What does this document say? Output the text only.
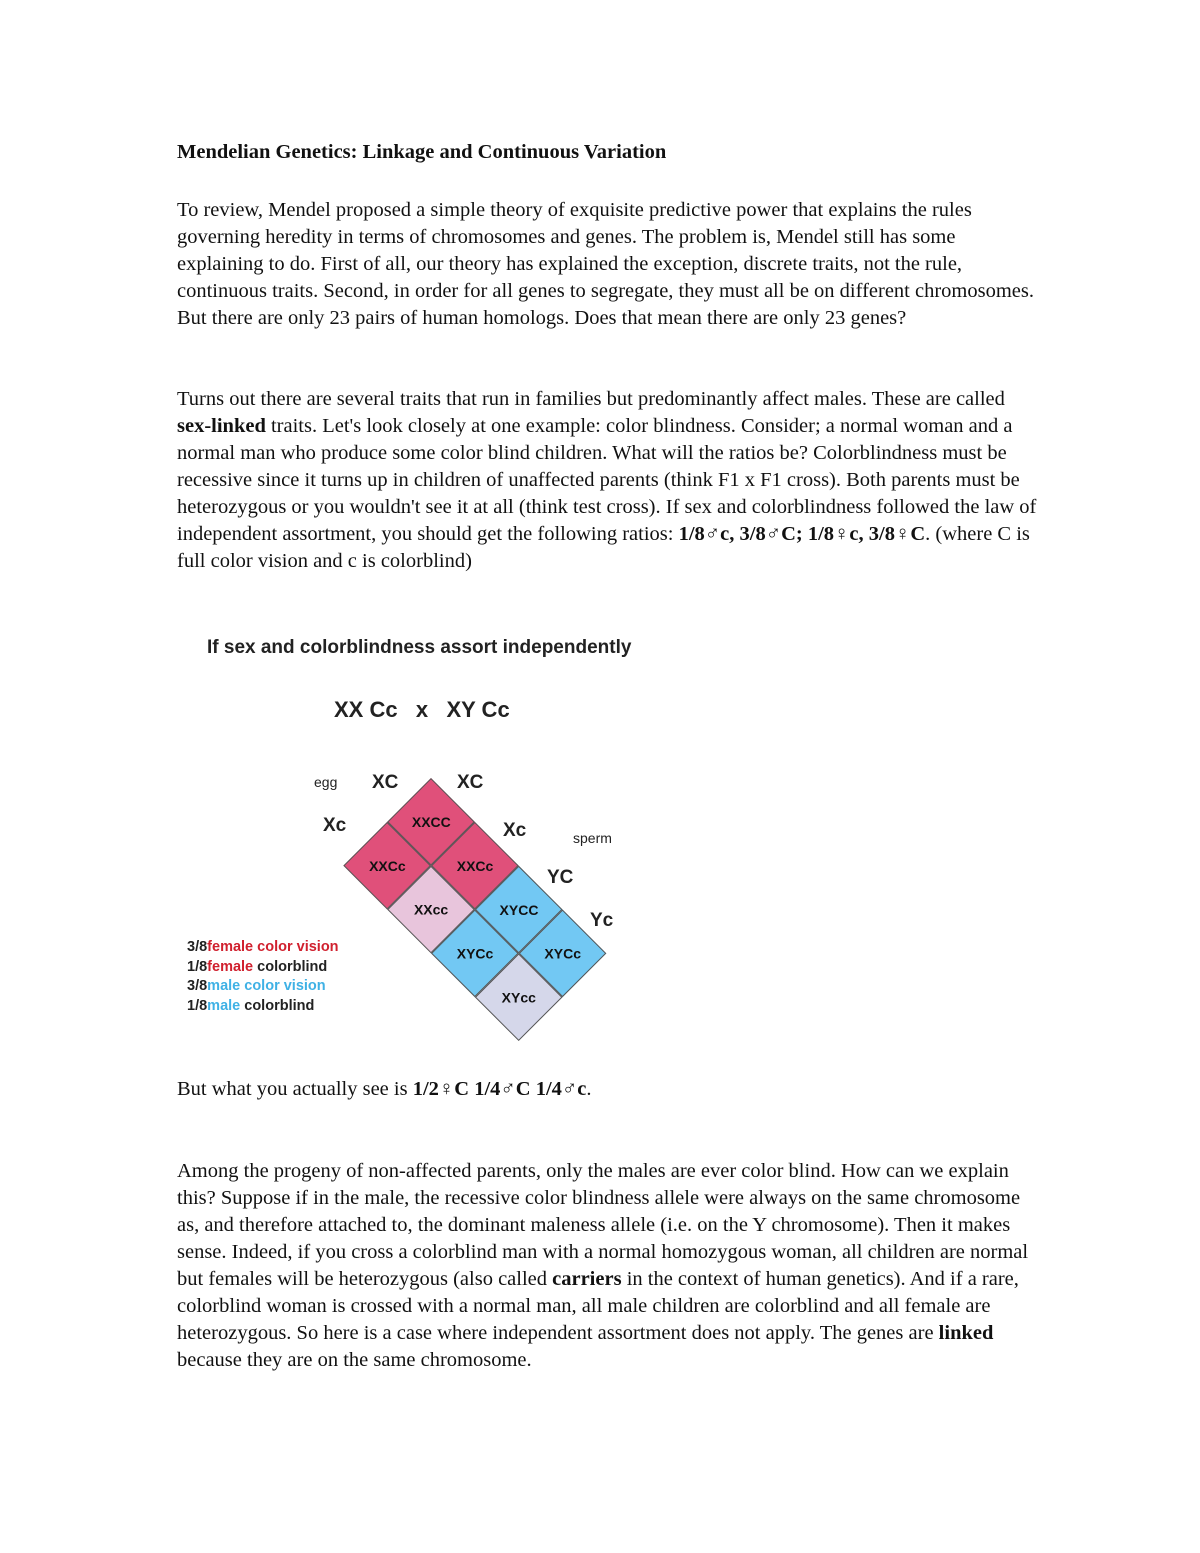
Mendelian Genetics: Linkage and Continuous Variation
To review, Mendel proposed a simple theory of exquisite predictive power that explains the rules governing heredity in terms of chromosomes and genes. The problem is, Mendel still has some explaining to do. First of all, our theory has explained the exception, discrete traits, not the rule, continuous traits. Second, in order for all genes to segregate, they must all be on different chromosomes. But there are only 23 pairs of human homologs. Does that mean there are only 23 genes?
Turns out there are several traits that run in families but predominantly affect males. These are called sex-linked traits. Let's look closely at one example: color blindness. Consider; a normal woman and a normal man who produce some color blind children. What will the ratios be? Colorblindness must be recessive since it turns up in children of unaffected parents (think F1 x F1 cross). Both parents must be heterozygous or you wouldn't see it at all (think test cross). If sex and colorblindness followed the law of independent assortment, you should get the following ratios: 1/8♂c, 3/8♂C; 1/8♀c, 3/8♀C. (where C is full color vision and c is colorblind)
If sex and colorblindness assort independently
XX Cc   x   XY Cc
egg
sperm
XC
Xc
XC
Xc
YC
Yc
XXCC
XXCc
XYCC
XYCc
XXCc
XXcc
XYCc
XYcc
3/8female color vision
1/8female colorblind
3/8male color vision
1/8male colorblind
But what you actually see is 1/2♀C 1/4♂C 1/4♂c.
Among the progeny of non-affected parents, only the males are ever color blind. How can we explain this? Suppose if in the male, the recessive color blindness allele were always on the same chromosome as, and therefore attached to, the dominant maleness allele (i.e. on the Y chromosome). Then it makes sense. Indeed, if you cross a colorblind man with a normal homozygous woman, all children are normal but females will be heterozygous (also called carriers in the context of human genetics). And if a rare, colorblind woman is crossed with a normal man, all male children are colorblind and all female are heterozygous. So here is a case where independent assortment does not apply. The genes are linked because they are on the same chromosome.
